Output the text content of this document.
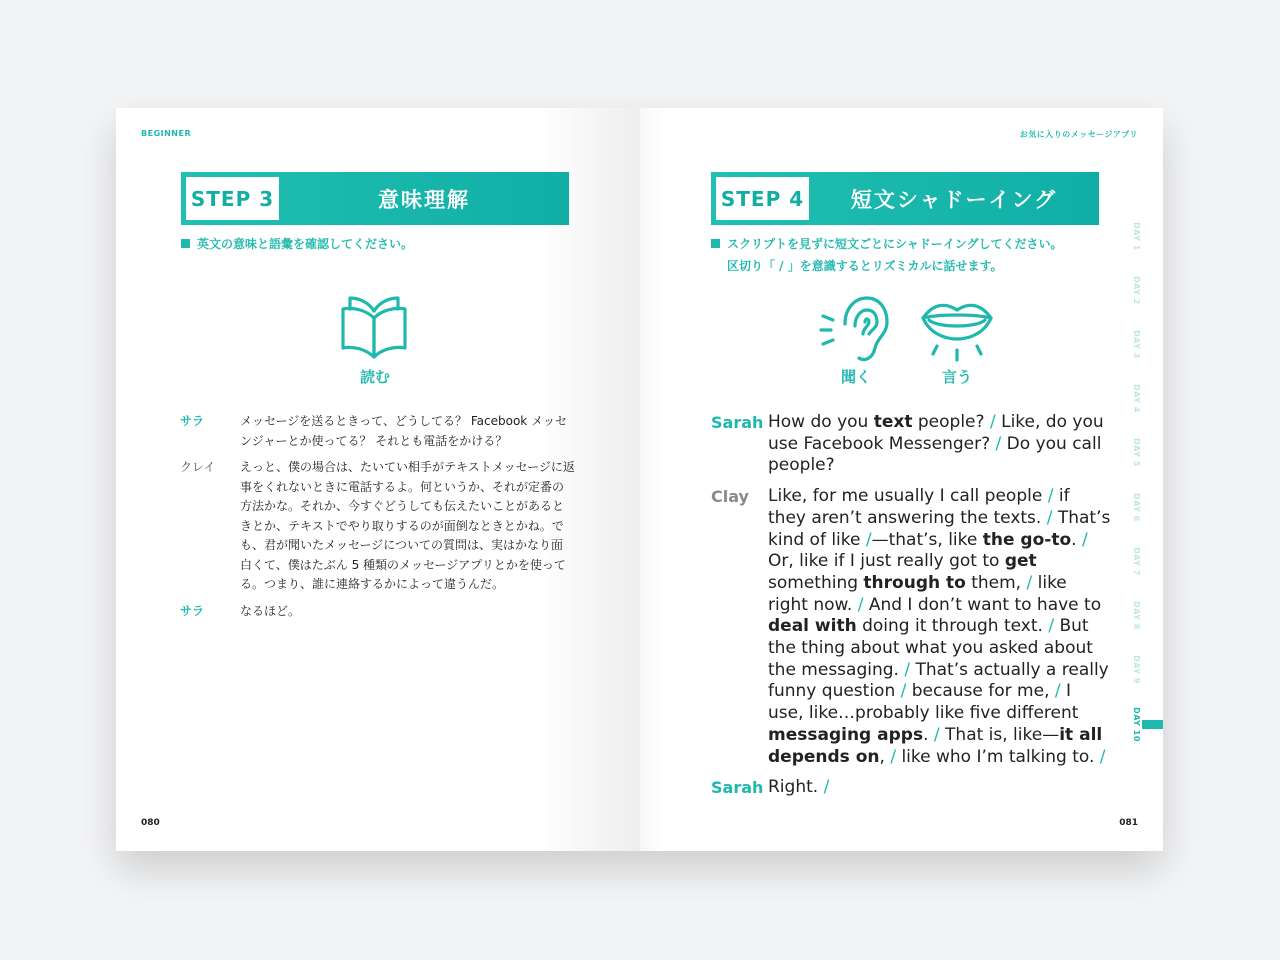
BEGINNER
STEP 3	意味理解
英文の意味と語彙を確認してください。
読む
サラ	メッセージを送るときって、どうしてる？ Facebook メッセンジャーとか使ってる？ それとも電話をかける？
クレイ	えっと、僕の場合は、たいてい相手がテキストメッセージに返事をくれないときに電話するよ。何というか、それが定番の方法かな。それか、今すぐどうしても伝えたいことがあるときとか、テキストでやり取りするのが面倒なときとかね。でも、君が聞いたメッセージについての質問は、実はかなり面白くて、僕はたぶん 5 種類のメッセージアプリとかを使ってる。つまり、誰に連絡するかによって違うんだ。
サラ	なるほど。
080
お気に入りのメッセージアプリ
STEP 4	短文シャドーイング
スクリプトを見ずに短文ごとにシャドーイングしてください。
区切り「 / 」を意識するとリズミカルに話せます。
聞く	言う
Sarah How do you text people? / Like, do you use Facebook Messenger? / Do you call people?
Clay	Like, for me usually I call people / if they aren’t answering the texts. / That’s kind of like /—that’s, like the go-to. / Or, like if I just really got to get something through to them, / like right now. / And I don’t want to have to deal with doing it through text. / But the thing about what you asked about the messaging. / That’s actually a really funny question / because for me, / I use, like…probably like five different messaging apps. / That is, like—it all depends on, / like who I’m talking to. /
Sarah Right. /
DAY 1
DAY 2
DAY 3
DAY 4
DAY 5
DAY 6
DAY 7
DAY 8
DAY 9
DAY 10
081
